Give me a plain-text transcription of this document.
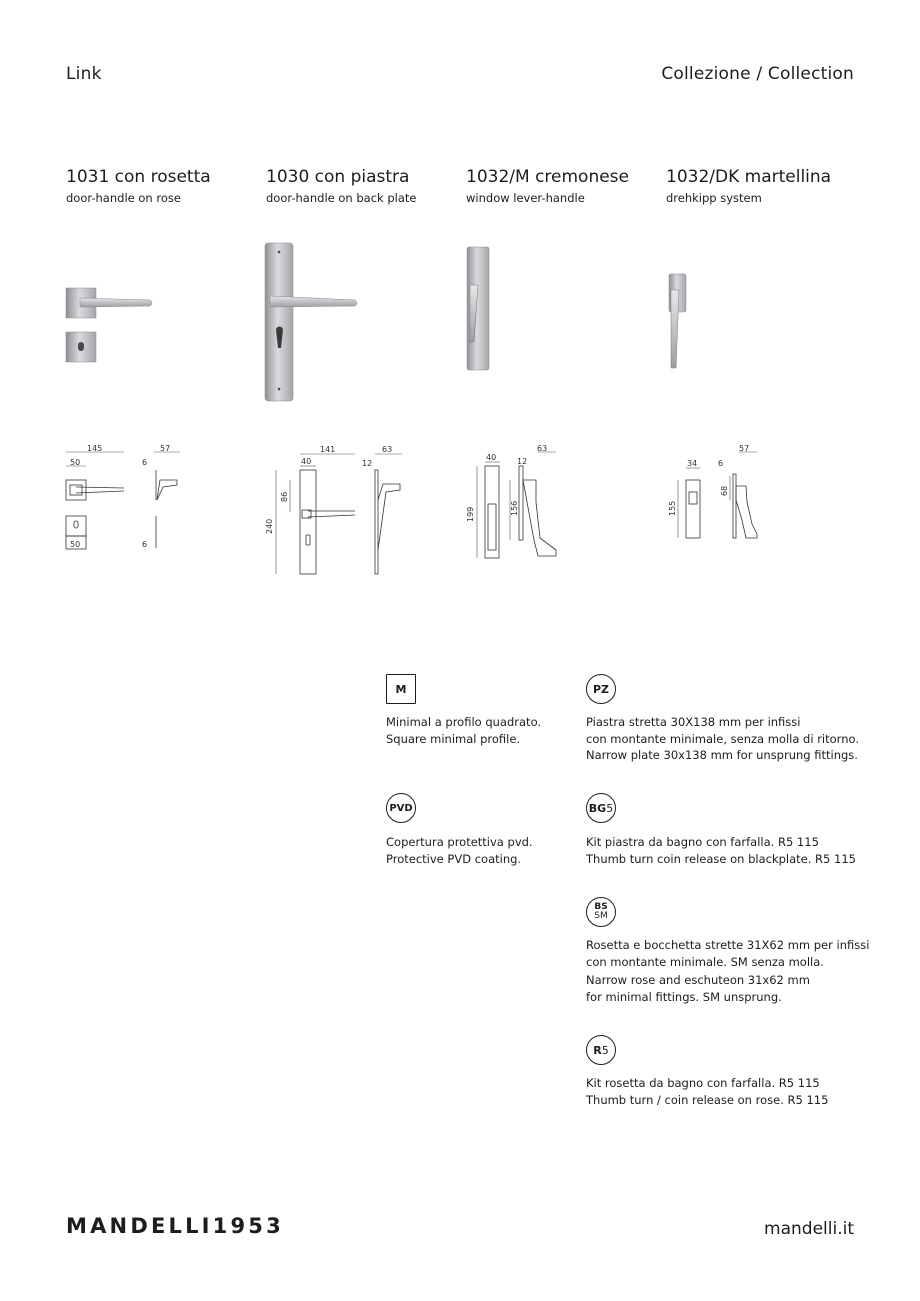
Link	Collezione / Collection
1031 con rosetta
door-handle on rose
1030 con piastra
door-handle on back plate
1032/M cremonese
window lever-handle
1032/DK martellina
drehkipp system
145
50
50
57
6
6
141
40
240
86
63
12
40
199
63
12
156
34
155
57
6
68
M
Minimal a profilo quadrato.
Square minimal profile.
PZ
Piastra stretta 30X138 mm per infissi
con montante minimale, senza molla di ritorno.
Narrow plate 30x138 mm for unsprung fittings.
PVD
Copertura protettiva pvd.
Protective PVD coating.
BG 5
Kit piastra da bagno con farfalla. R5 115
Thumb turn coin release on blackplate. R5 115
BS
SM
Rosetta e bocchetta strette 31X62 mm per infissi
con montante minimale. SM senza molla.
Narrow rose and eschuteon 31x62 mm
for minimal fittings. SM unsprung.
R 5
Kit rosetta da bagno con farfalla. R5 115
Thumb turn / coin release on rose. R5 115
MANDELLI1953	mandelli.it
